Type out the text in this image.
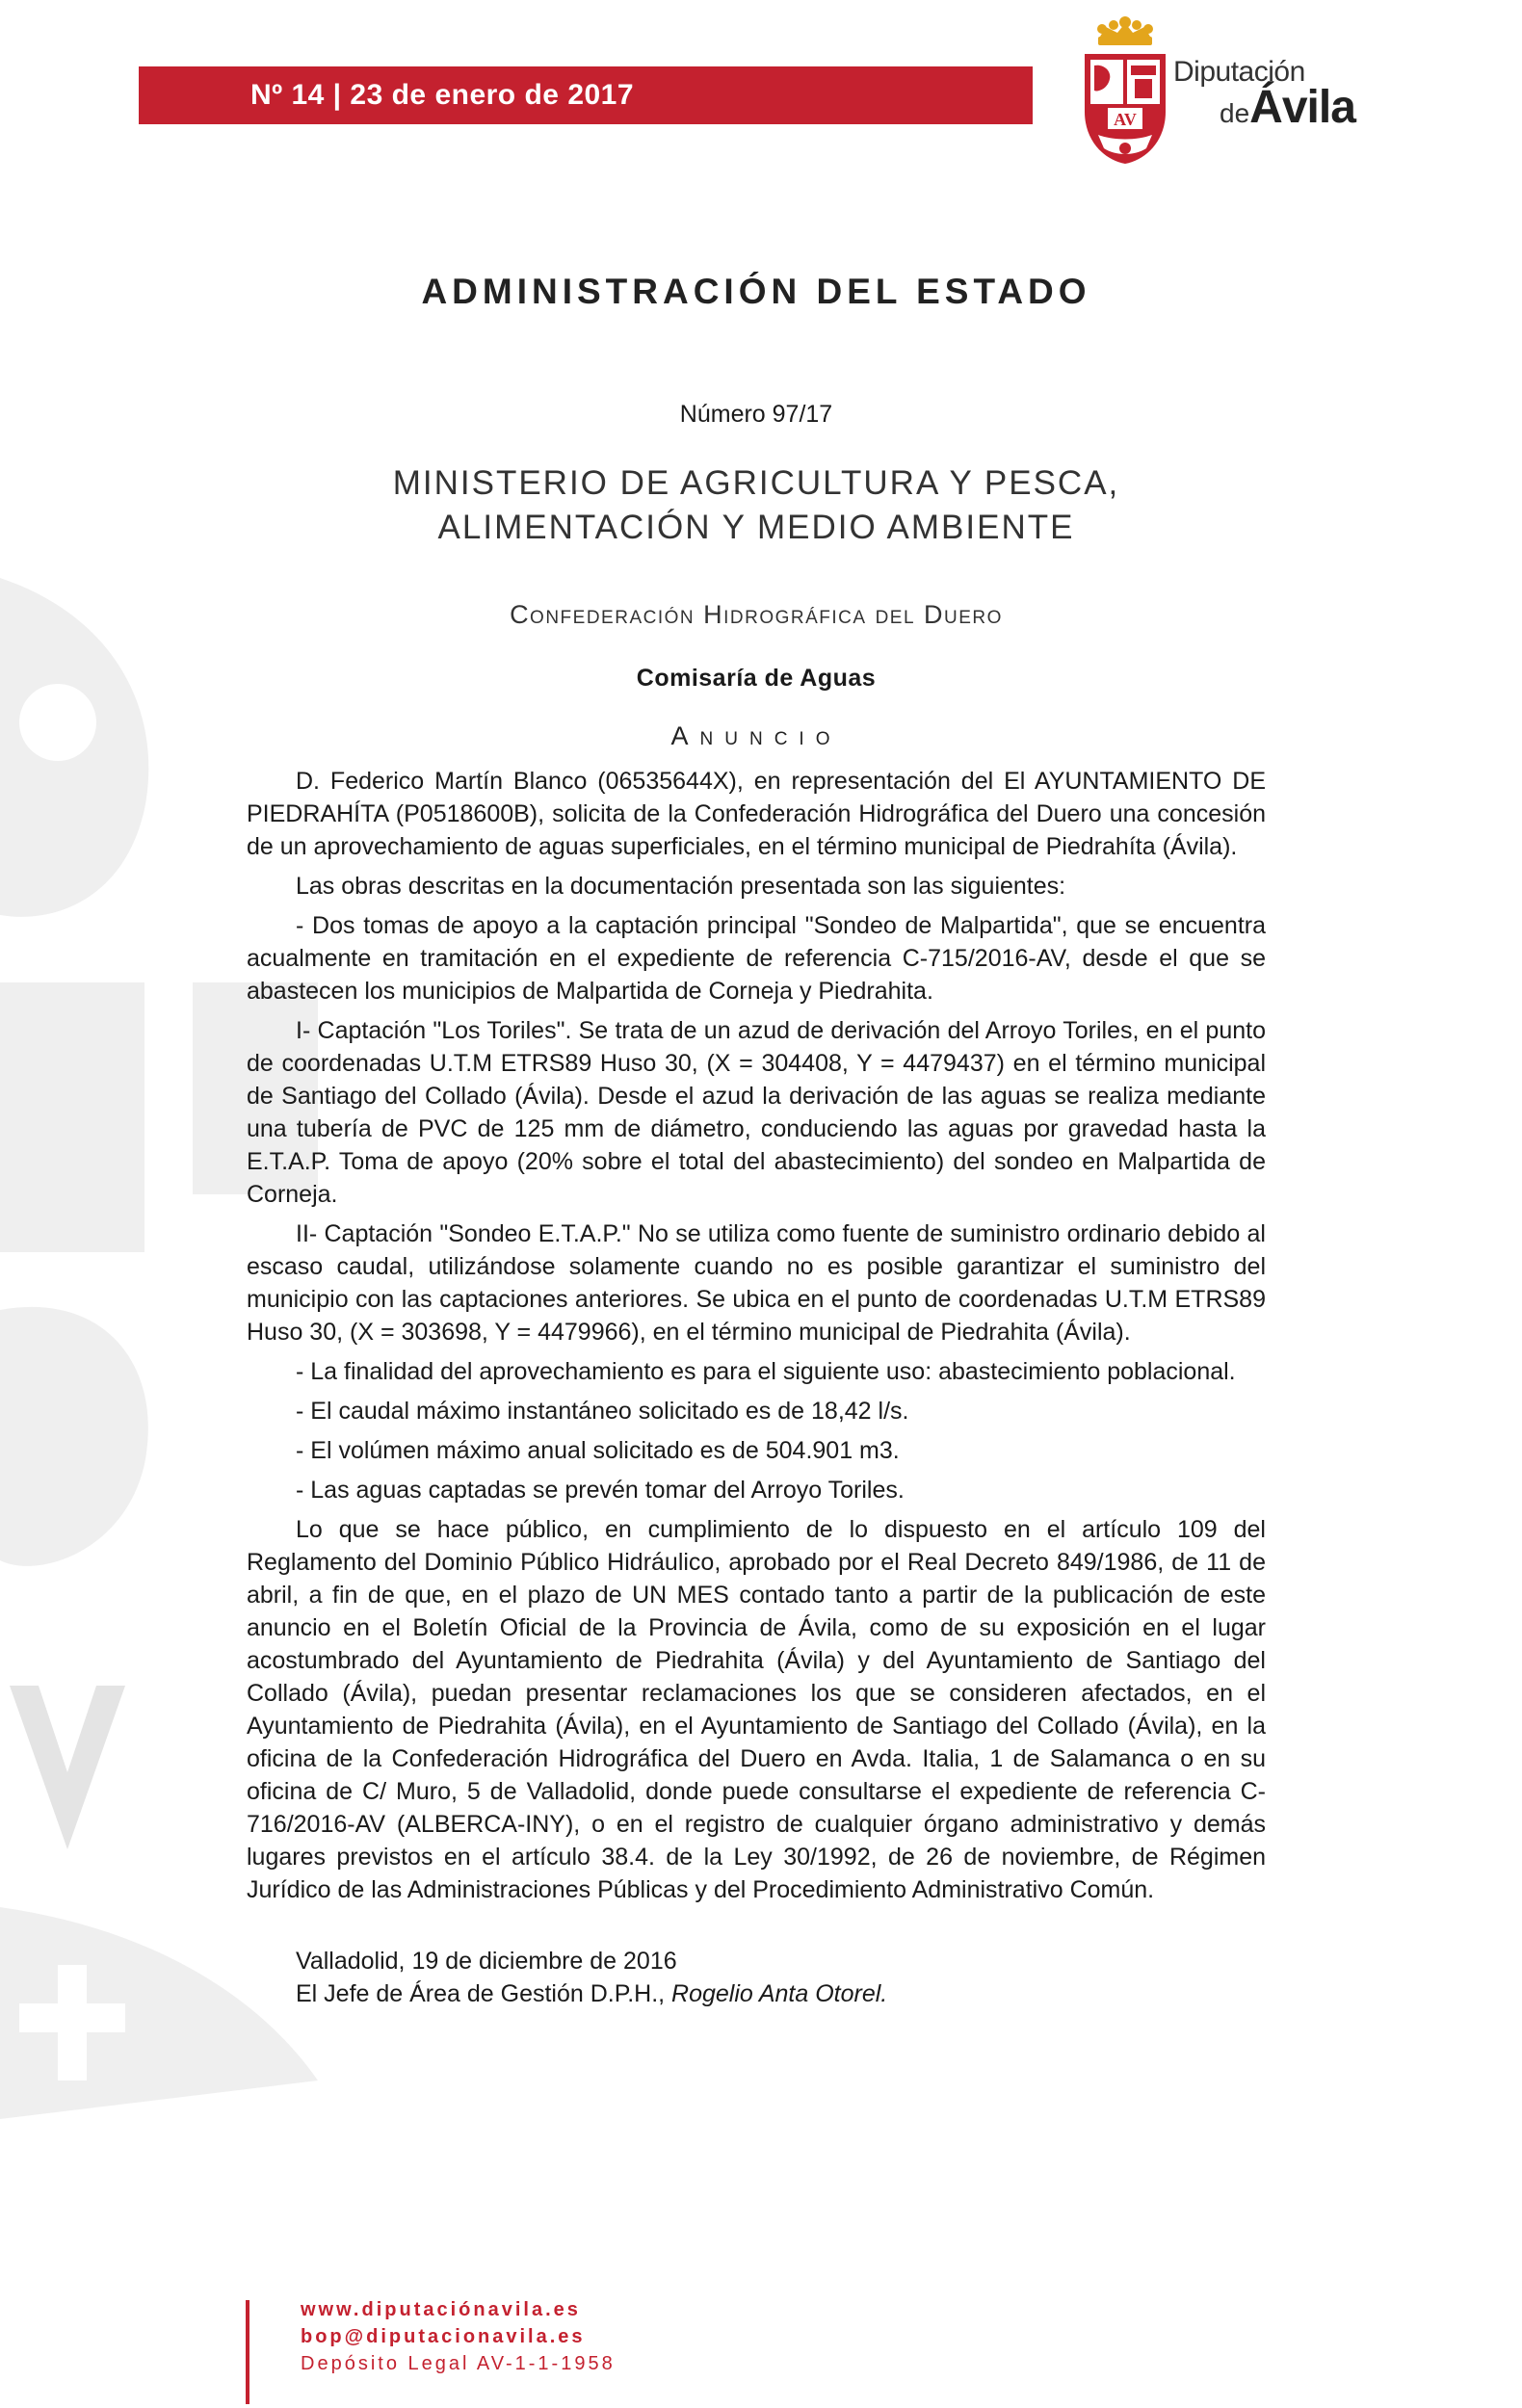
Nº 14 | 23 de enero de 2017
AV
Diputación
deÁvila
ADMINISTRACIÓN DEL ESTADO
Número 97/17
MINISTERIO DE AGRICULTURA Y PESCA,
ALIMENTACIÓN Y MEDIO AMBIENTE
Confederación Hidrográfica del Duero
Comisaría de Aguas
Anuncio

D. Federico Martín Blanco (06535644X), en representación del El AYUNTAMIENTO DE PIEDRAHÍTA (P0518600B), solicita de la Confederación Hidrográfica del Duero una concesión de un aprovechamiento de aguas superficiales, en el término municipal de Piedrahíta (Ávila).

Las obras descritas en la documentación presentada son las siguientes:

- Dos tomas de apoyo a la captación principal "Sondeo de Malpartida", que se encuentra acualmente en tramitación en el expediente de referencia C-715/2016-AV, desde el que se abastecen los municipios de Malpartida de Corneja y Piedrahita.

I- Captación "Los Toriles". Se trata de un azud de derivación del Arroyo Toriles, en el punto de coordenadas U.T.M ETRS89 Huso 30, (X = 304408, Y = 4479437) en el término municipal de Santiago del Collado (Ávila). Desde el azud la derivación de las aguas se realiza mediante una tubería de PVC de 125 mm de diámetro, conduciendo las aguas por gravedad hasta la E.T.A.P. Toma de apoyo (20% sobre el total del abastecimiento) del sondeo en Malpartida de Corneja.

II- Captación "Sondeo E.T.A.P." No se utiliza como fuente de suministro ordinario debido al escaso caudal, utilizándose solamente cuando no es posible garantizar el suministro del municipio con las captaciones anteriores. Se ubica en el punto de coordenadas U.T.M ETRS89 Huso 30, (X = 303698, Y = 4479966), en el término municipal de Piedrahita (Ávila).

- La finalidad del aprovechamiento es para el siguiente uso: abastecimiento poblacional.

- El caudal máximo instantáneo solicitado es de 18,42 l/s.

- El volúmen máximo anual solicitado es de 504.901 m3.

- Las aguas captadas se prevén tomar del Arroyo Toriles.

Lo que se hace público, en cumplimiento de lo dispuesto en el artículo 109 del Reglamento del Dominio Público Hidráulico, aprobado por el Real Decreto 849/1986, de 11 de abril, a fin de que, en el plazo de UN MES contado tanto a partir de la publicación de este anuncio en el Boletín Oficial de la Provincia de Ávila, como de su exposición en el lugar acostumbrado del Ayuntamiento de Piedrahita (Ávila) y del Ayuntamiento de Santiago del Collado (Ávila), puedan presentar reclamaciones los que se consideren afectados, en el Ayuntamiento de Piedrahita (Ávila), en el Ayuntamiento de Santiago del Collado (Ávila), en la oficina de la Confederación Hidrográfica del Duero en Avda. Italia, 1 de Salamanca o en su oficina de C/ Muro, 5 de Valladolid, donde puede consultarse el expediente de referencia C- 716/2016-AV (ALBERCA-INY), o en el registro de cualquier órgano administrativo y demás lugares previstos en el artículo 38.4. de la Ley 30/1992, de 26 de noviembre, de Régimen Jurídico de las Administraciones Públicas y del Procedimiento Administrativo Común.

Valladolid, 19 de diciembre de 2016

El Jefe de Área de Gestión D.P.H., Rogelio Anta Otorel.

www.diputaciónavila.es
bop@diputacionavila.es
Depósito Legal AV-1-1-1958
